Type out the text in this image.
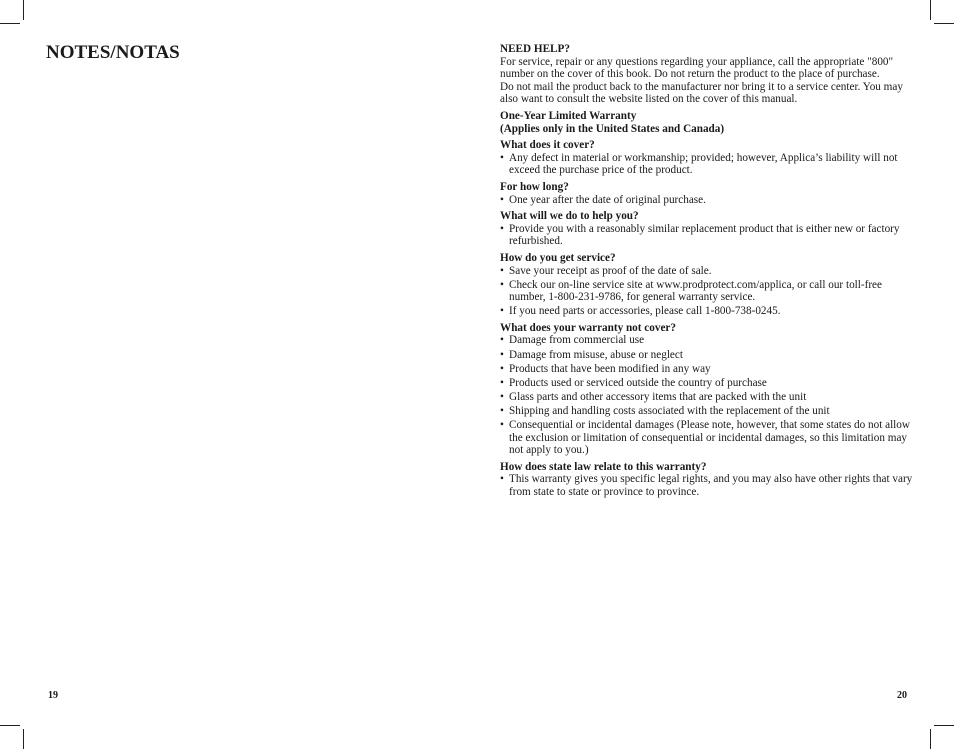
NOTES/NOTAS
19
NEED HELP?
For service, repair or any questions regarding your appliance, call the appropriate "800" number on the cover of this book. Do not return the product to the place of purchase.
Do not mail the product back to the manufacturer nor bring it to a service center. You may also want to consult the website listed on the cover of this manual.
One-Year Limited Warranty
(Applies only in the United States and Canada)
What does it cover?
• Any defect in material or workmanship; provided; however, Applica’s liability will not exceed the purchase price of the product.
For how long?
• One year after the date of original purchase.
What will we do to help you?
• Provide you with a reasonably similar replacement product that is either new or factory refurbished.
How do you get service?
• Save your receipt as proof of the date of sale.
• Check our on-line service site at www.prodprotect.com/applica, or call our toll-free number, 1-800-231-9786, for general warranty service.
• If you need parts or accessories, please call 1-800-738-0245.
What does your warranty not cover?
• Damage from commercial use
• Damage from misuse, abuse or neglect
• Products that have been modified in any way
• Products used or serviced outside the country of purchase
• Glass parts and other accessory items that are packed with the unit
• Shipping and handling costs associated with the replacement of the unit
• Consequential or incidental damages (Please note, however, that some states do not allow the exclusion or limitation of consequential or incidental damages, so this limitation may not apply to you.)
How does state law relate to this warranty?
• This warranty gives you specific legal rights, and you may also have other rights that vary from state to state or province to province.
20
